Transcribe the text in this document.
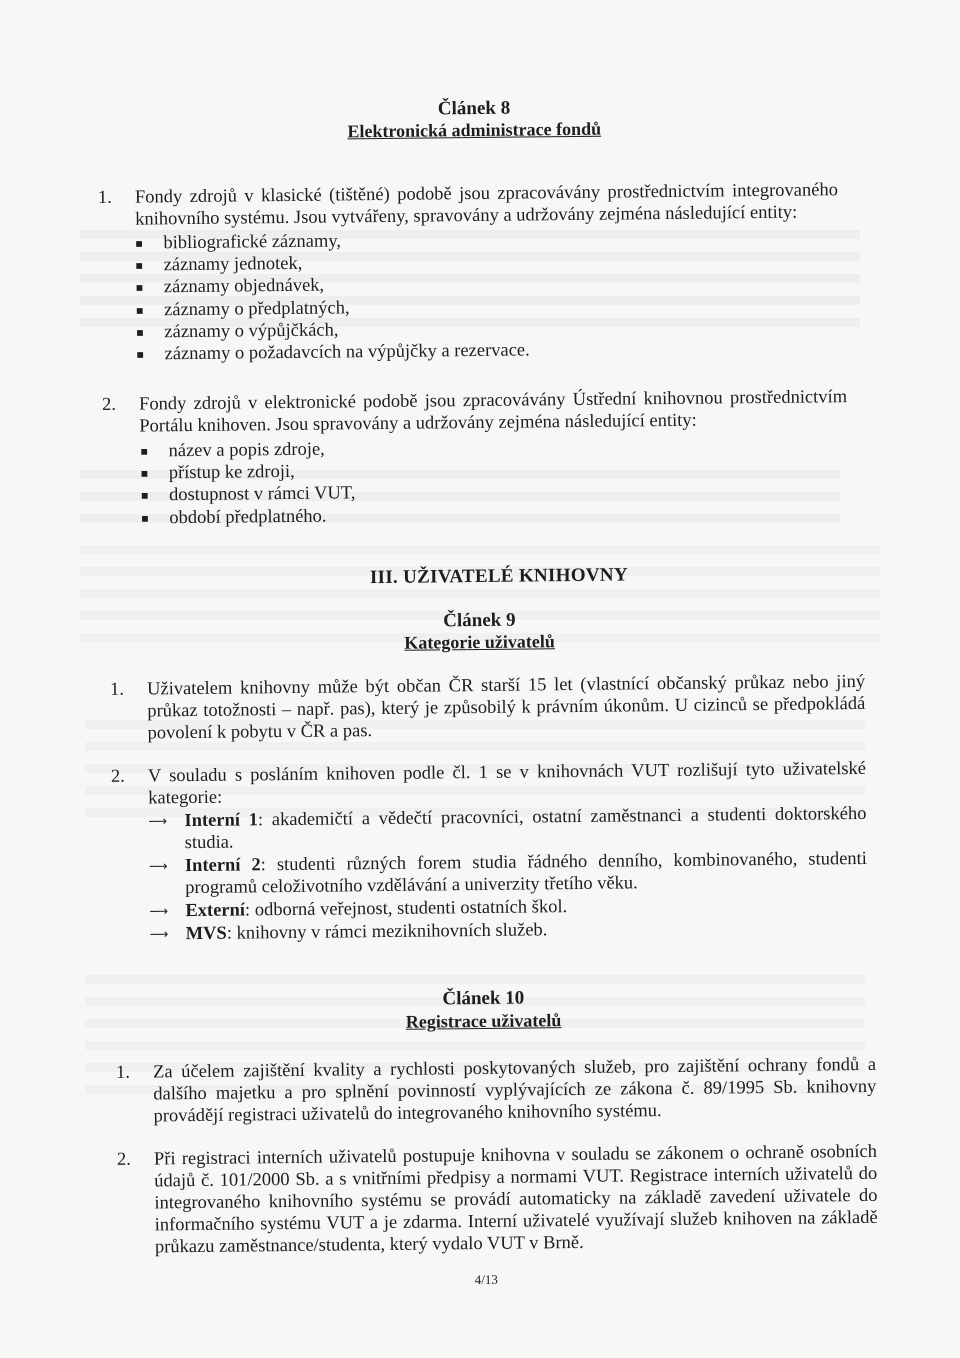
Článek 8
Elektronická administrace fondů
1. Fondy zdrojů v klasické (tištěné) podobě jsou zpracovávány prostřednictvím integrovaného knihovního systému. Jsou vytvářeny, spravovány a udržovány zejména následující entity:
■ bibliografické záznamy,
■ záznamy jednotek,
■ záznamy objednávek,
■ záznamy o předplatných,
■ záznamy o výpůjčkách,
■ záznamy o požadavcích na výpůjčky a rezervace.
2. Fondy zdrojů v elektronické podobě jsou zpracovávány Ústřední knihovnou prostřednictvím Portálu knihoven. Jsou spravovány a udržovány zejména následující entity:
■ název a popis zdroje,
■ přístup ke zdroji,
■ dostupnost v rámci VUT,
■ období předplatného.
III. UŽIVATELÉ KNIHOVNY
Článek 9
Kategorie uživatelů
1. Uživatelem knihovny může být občan ČR starší 15 let (vlastnící občanský průkaz nebo jiný průkaz totožnosti – např. pas), který je způsobilý k právním úkonům. U cizinců se předpokládá povolení k pobytu v ČR a pas.
2. V souladu s posláním knihoven podle čl. 1 se v knihovnách VUT rozlišují tyto uživatelské kategorie:
⟶ Interní 1: akademičtí a vědečtí pracovníci, ostatní zaměstnanci a studenti doktorského studia.
⟶ Interní 2: studenti různých forem studia řádného denního, kombinovaného, studenti programů celoživotního vzdělávání a univerzity třetího věku.
⟶ Externí: odborná veřejnost, studenti ostatních škol.
⟶ MVS: knihovny v rámci meziknihovních služeb.
Článek 10
Registrace uživatelů
1. Za účelem zajištění kvality a rychlosti poskytovaných služeb, pro zajištění ochrany fondů a dalšího majetku a pro splnění povinností vyplývajících ze zákona č. 89/1995 Sb. knihovny provádějí registraci uživatelů do integrovaného knihovního systému.
2. Při registraci interních uživatelů postupuje knihovna v souladu se zákonem o ochraně osobních údajů č. 101/2000 Sb. a s vnitřními předpisy a normami VUT. Registrace interních uživatelů do integrovaného knihovního systému se provádí automaticky na základě zavedení uživatele do informačního systému VUT a je zdarma. Interní uživatelé využívají služeb knihoven na základě průkazu zaměstnance/studenta, který vydalo VUT v Brně.
4/13
